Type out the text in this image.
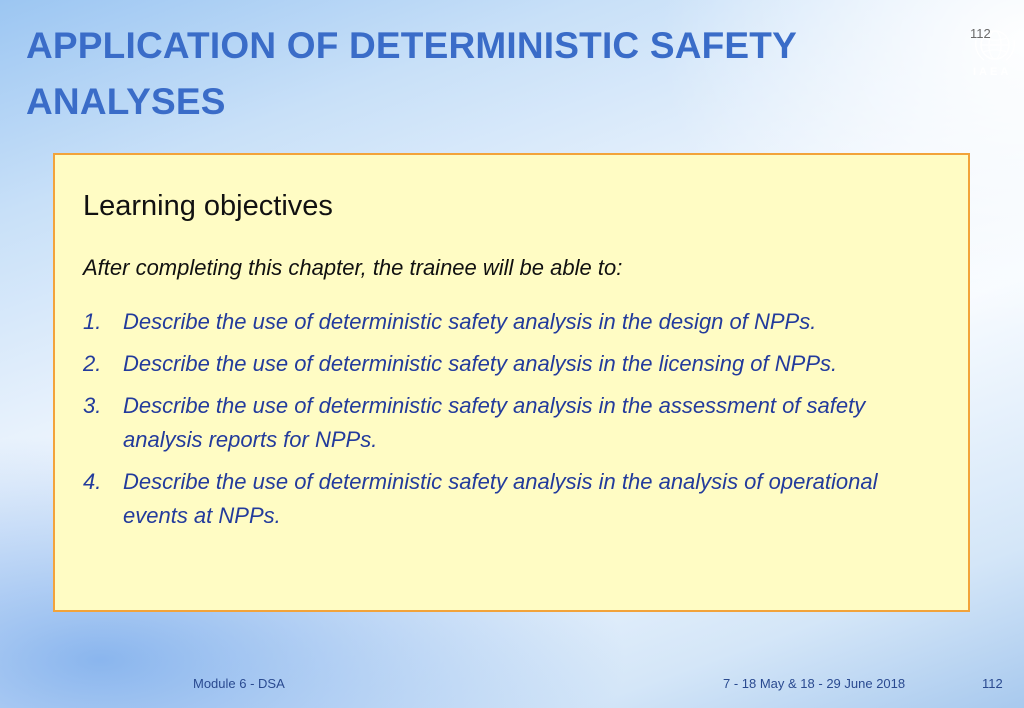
APPLICATION OF DETERMINISTIC SAFETY ANALYSES
IAEA
112
Learning objectives

After completing this chapter, the trainee will be able to:

1. Describe the use of deterministic safety analysis in the design of NPPs.
2. Describe the use of deterministic safety analysis in the licensing of NPPs.
3. Describe the use of deterministic safety analysis in the assessment of safety analysis reports for NPPs.
4. Describe the use of deterministic safety analysis in the analysis of operational events at NPPs.
Module 6 - DSA	7 - 18 May & 18 - 29 June 2018	112
